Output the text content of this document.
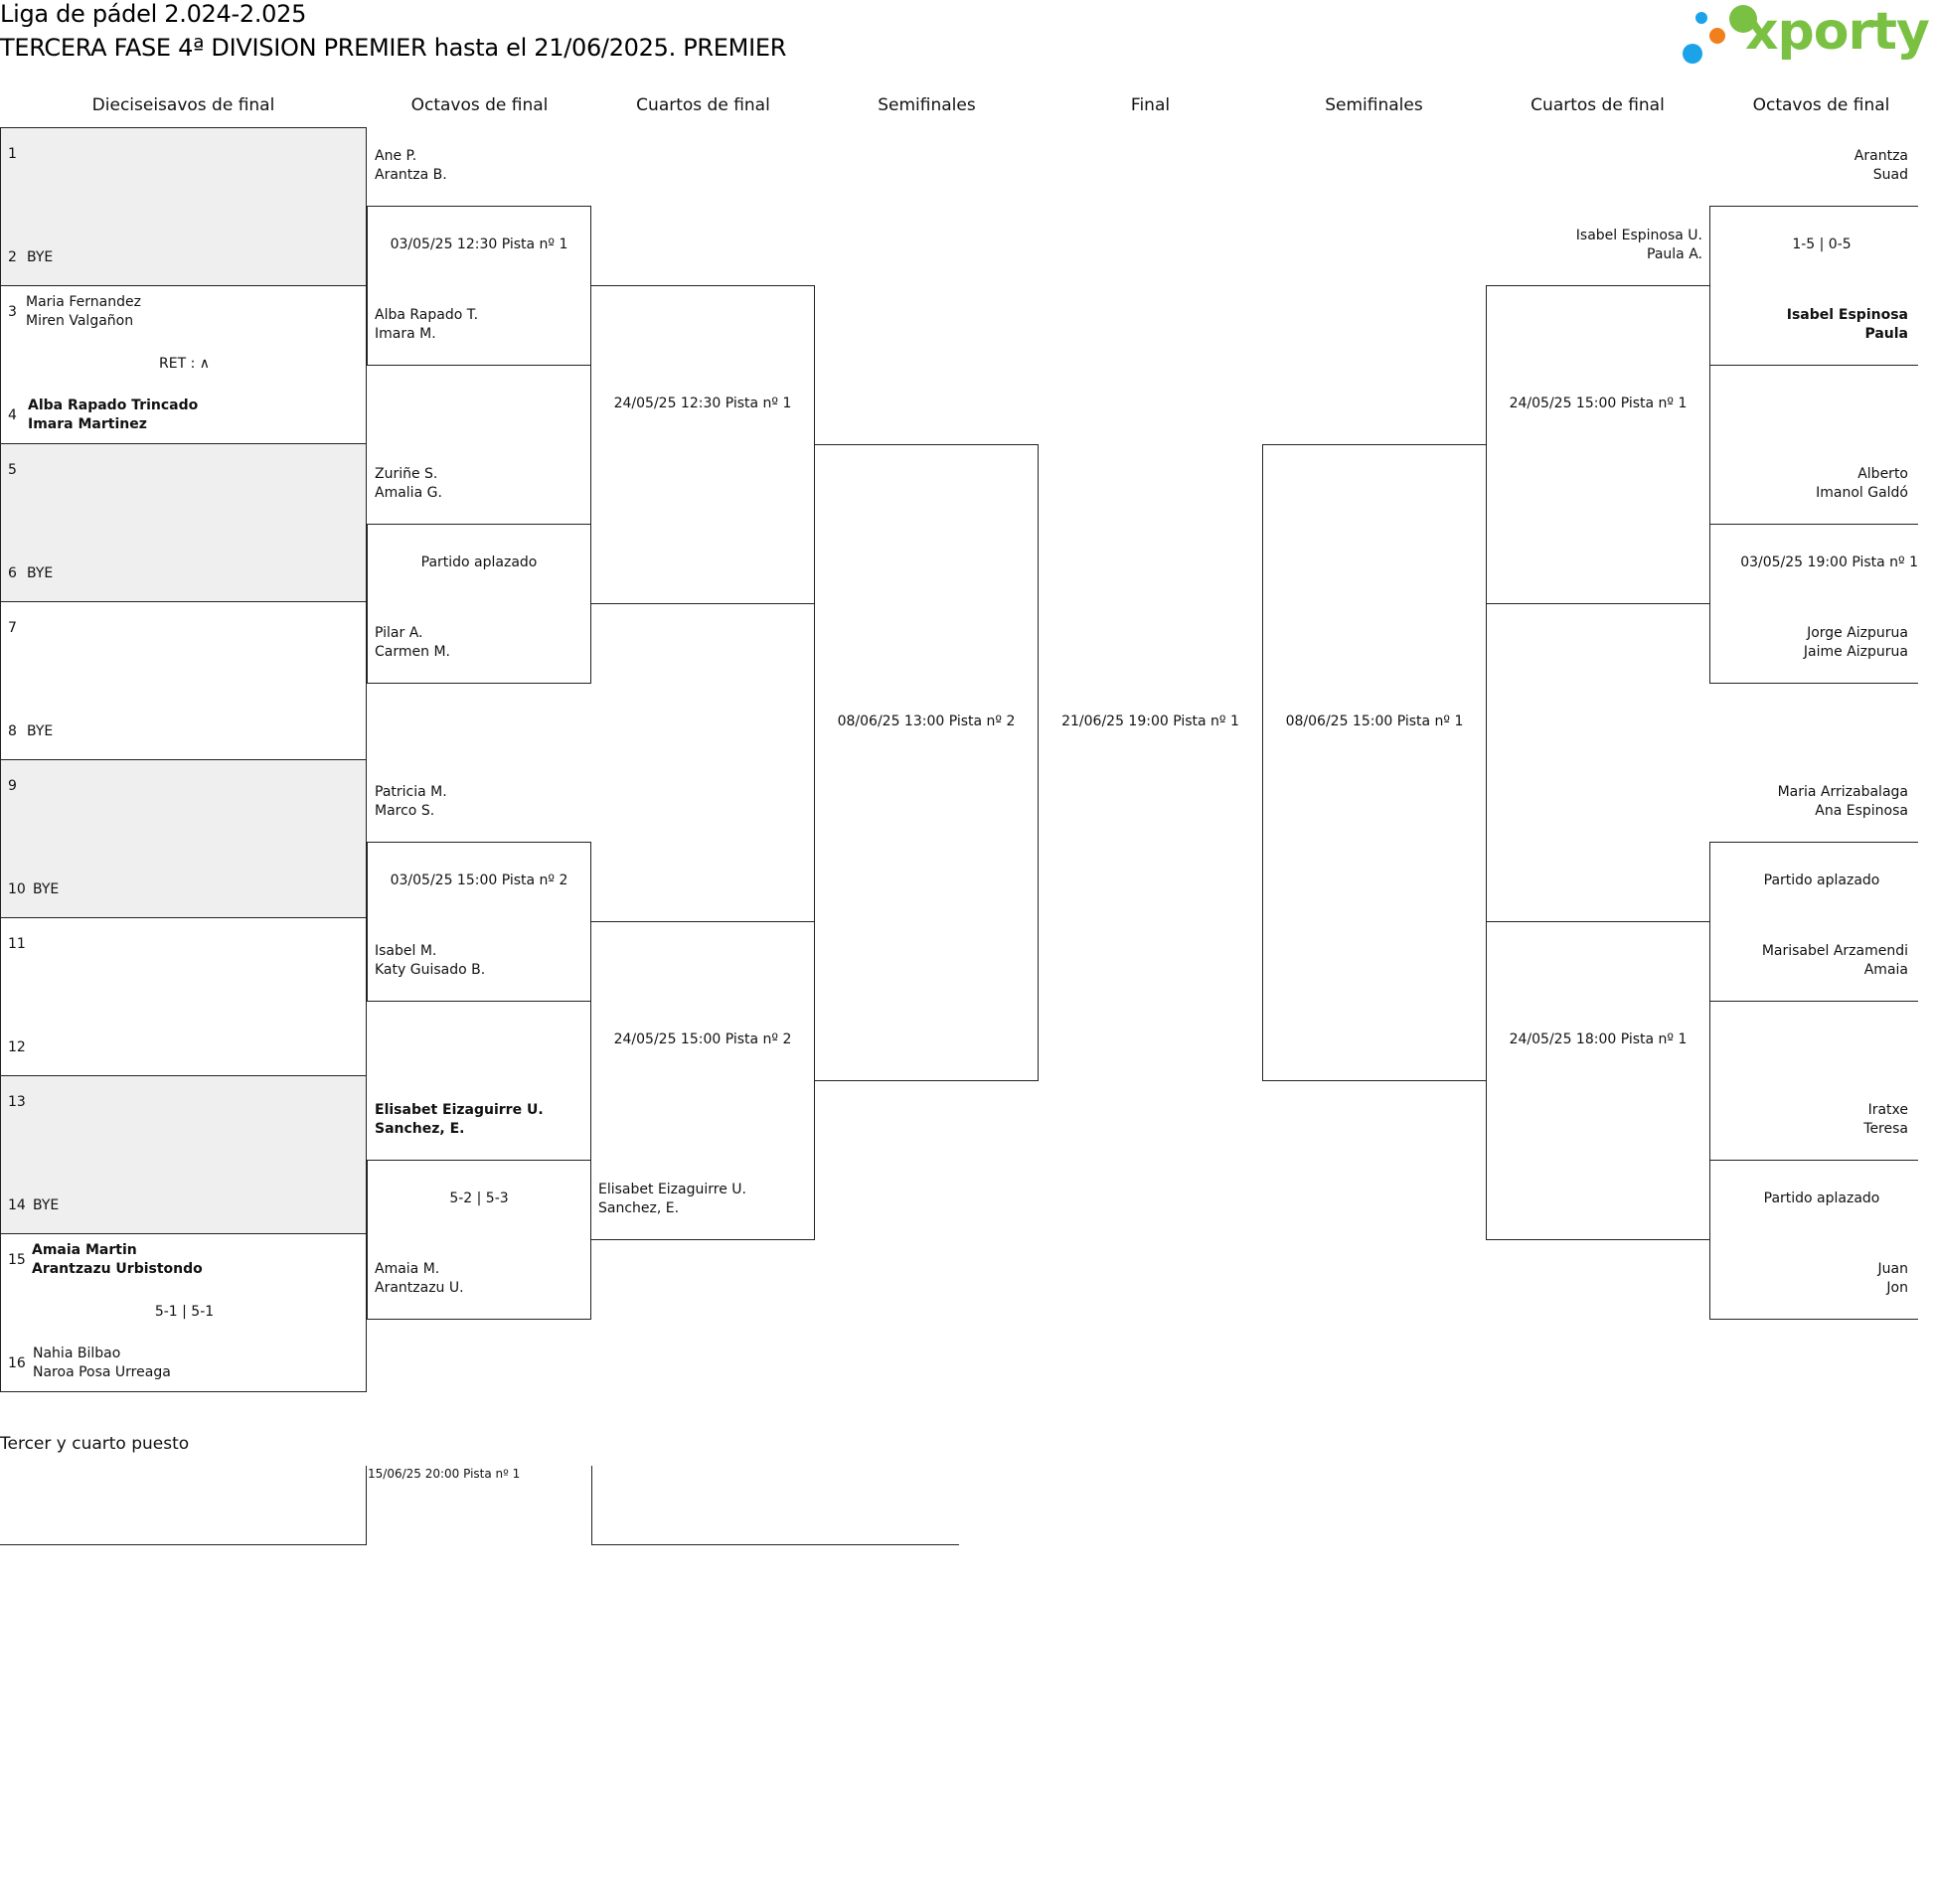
Liga de pádel 2.024-2.025
TERCERA FASE 4ª DIVISION PREMIER hasta el 21/06/2025. PREMIER	xporty
Dieciseisavos de final	Octavos de final	Cuartos de final	Semifinales	Final	Semifinales	Cuartos de final	Octavos de final
1
2 BYE
3
Maria Fernandez
Miren Valgañon
RET : ∧
4
Alba Rapado Trincado
Imara Martinez
5
6 BYE
7
8 BYE
9
10 BYE
11
12
13
14 BYE
15
Amaia Martin
Arantzazu Urbistondo
5-1 | 5-1
16
Nahia Bilbao
Naroa Posa Urreaga
Ane P.
Arantza B.
03/05/25 12:30 Pista nº 1
Alba Rapado T.
Imara M.
Zuriñe S.
Amalia G.
Partido aplazado
Pilar A.
Carmen M.
Patricia M.
Marco S.
03/05/25 15:00 Pista nº 2
Isabel M.
Katy Guisado B.
Elisabet Eizaguirre U.
Sanchez, E.
5-2 | 5-3
Amaia M.
Arantzazu U.
24/05/25 12:30 Pista nº 1
24/05/25 15:00 Pista nº 2
Elisabet Eizaguirre U.
Sanchez, E.
08/06/25 13:00 Pista nº 2	21/06/25 19:00 Pista nº 1	08/06/25 15:00 Pista nº 1
Isabel Espinosa U.
Paula A.
24/05/25 15:00 Pista nº 1
24/05/25 18:00 Pista nº 1
Arantza
Suad
1-5 | 0-5
Isabel Espinosa
Paula
Alberto
Imanol Galdó
03/05/25 19:00 Pista nº 1
Jorge Aizpurua
Jaime Aizpurua
Maria Arrizabalaga
Ana Espinosa
Partido aplazado
Marisabel Arzamendi
Amaia
Iratxe
Teresa
Partido aplazado
Juan
Jon
Tercer y cuarto puesto
15/06/25 20:00 Pista nº 1
